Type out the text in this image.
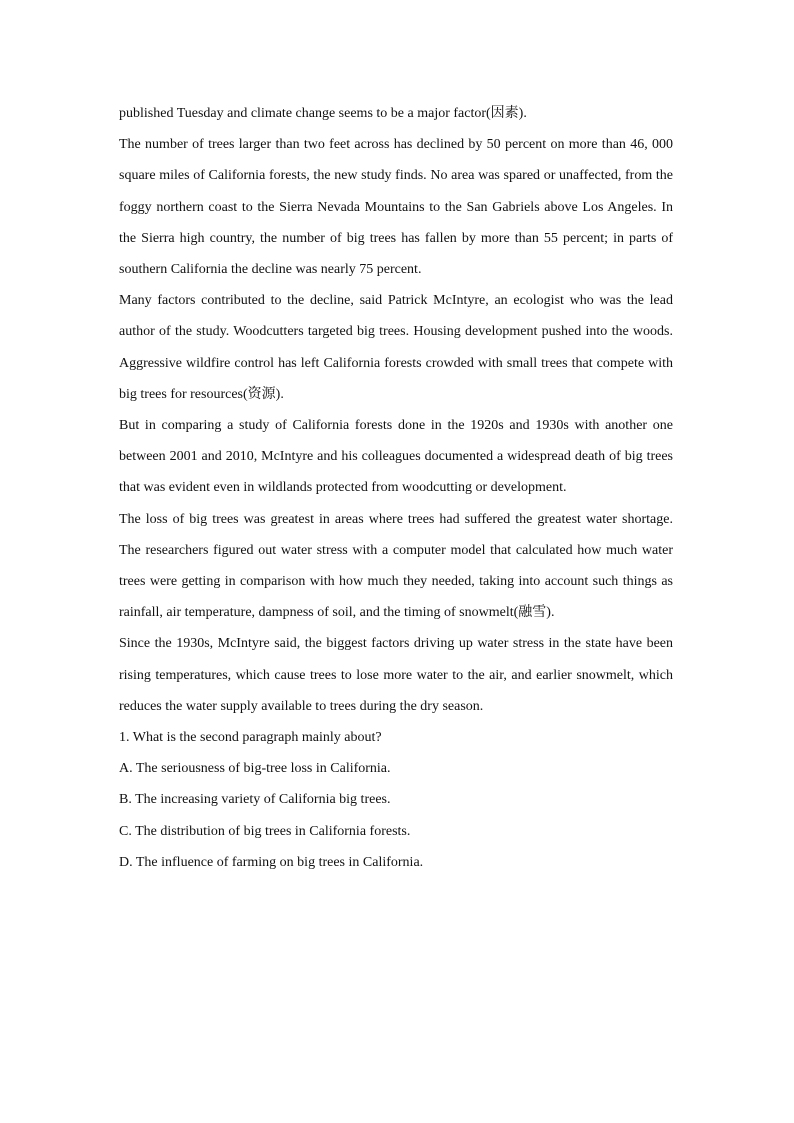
published Tuesday and climate change seems to be a major factor(因素).

The number of trees larger than two feet across has declined by 50 percent on more than 46, 000 square miles of California forests, the new study finds. No area was spared or unaffected, from the foggy northern coast to the Sierra Nevada Mountains to the San Gabriels above Los Angeles. In the Sierra high country, the number of big trees has fallen by more than 55 percent; in parts of southern California the decline was nearly 75 percent.

Many factors contributed to the decline, said Patrick McIntyre, an ecologist who was the lead author of the study. Woodcutters targeted big trees. Housing development pushed into the woods. Aggressive wildfire control has left California forests crowded with small trees that compete with big trees for resources(资源).

But in comparing a study of California forests done in the 1920s and 1930s with another one between 2001 and 2010, McIntyre and his colleagues documented a widespread death of big trees that was evident even in wildlands protected from woodcutting or development.

The loss of big trees was greatest in areas where trees had suffered the greatest water shortage. The researchers figured out water stress with a computer model that calculated how much water trees were getting in comparison with how much they needed, taking into account such things as rainfall, air temperature, dampness of soil, and the timing of snowmelt(融雪).

Since the 1930s, McIntyre said, the biggest factors driving up water stress in the state have been rising temperatures, which cause trees to lose more water to the air, and earlier snowmelt, which reduces the water supply available to trees during the dry season.

1. What is the second paragraph mainly about?

A. The seriousness of big-tree loss in California.

B. The increasing variety of California big trees.

C. The distribution of big trees in California forests.

D. The influence of farming on big trees in California.
